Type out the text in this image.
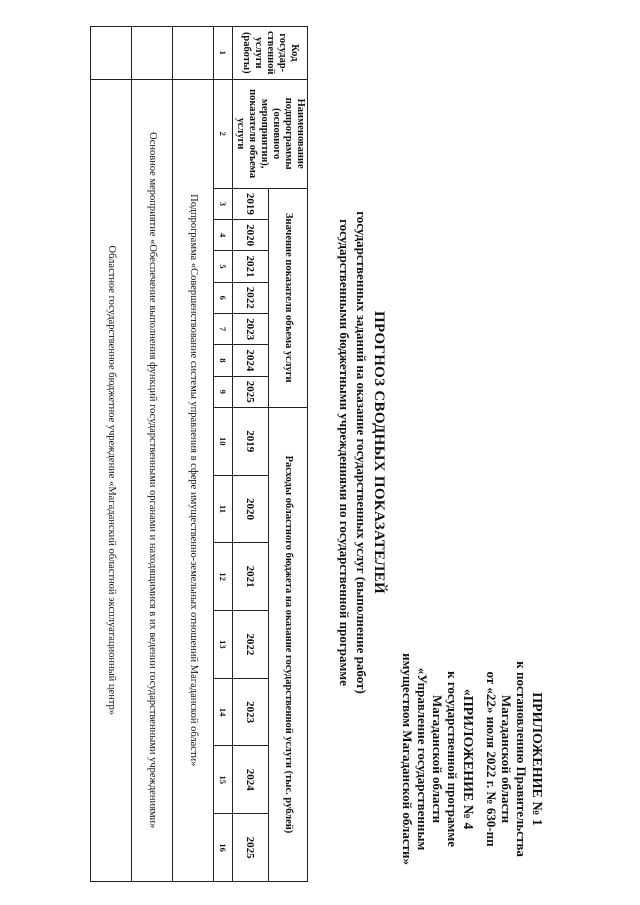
ПРИЛОЖЕНИЕ № 1
к постановлению Правительства
Магаданской области
от «22» июля 2022 г. № 630-пп
«ПРИЛОЖЕНИЕ № 4
к государственной программе
Магаданской области
«Управление государственным
имуществом Магаданской области»
ПРОГНОЗ СВОДНЫХ ПОКАЗАТЕЛЕЙ
государственных заданий на оказание государственных услуг (выполнение работ)
государственными бюджетными учреждениями по государственной программе
Код государ-ственной услуги (работы)	Наименование подпрограммы (основного мероприятия), показателя объема услуги	Значение показателя объема услуги							Расходы областного бюджета на оказание государственной услуги (тыс. рублей)						
		2019	2020	2021	2022	2023	2024	2025	2019	2020	2021	2022	2023	2024	2025
1	2	3	4	5	6	7	8	9	10	11	12	13	14	15	16
	Подпрограмма «Совершенствование системы управления в сфере имущественно-земельных отношений Магаданской области»														
	Основное мероприятие «Обеспечение выполнения функций государственными органами и находящимися в их ведении государственными учреждениями»														
	Областное государственное бюджетное учреждение «Магаданский областной эксплуатационный центр»														
